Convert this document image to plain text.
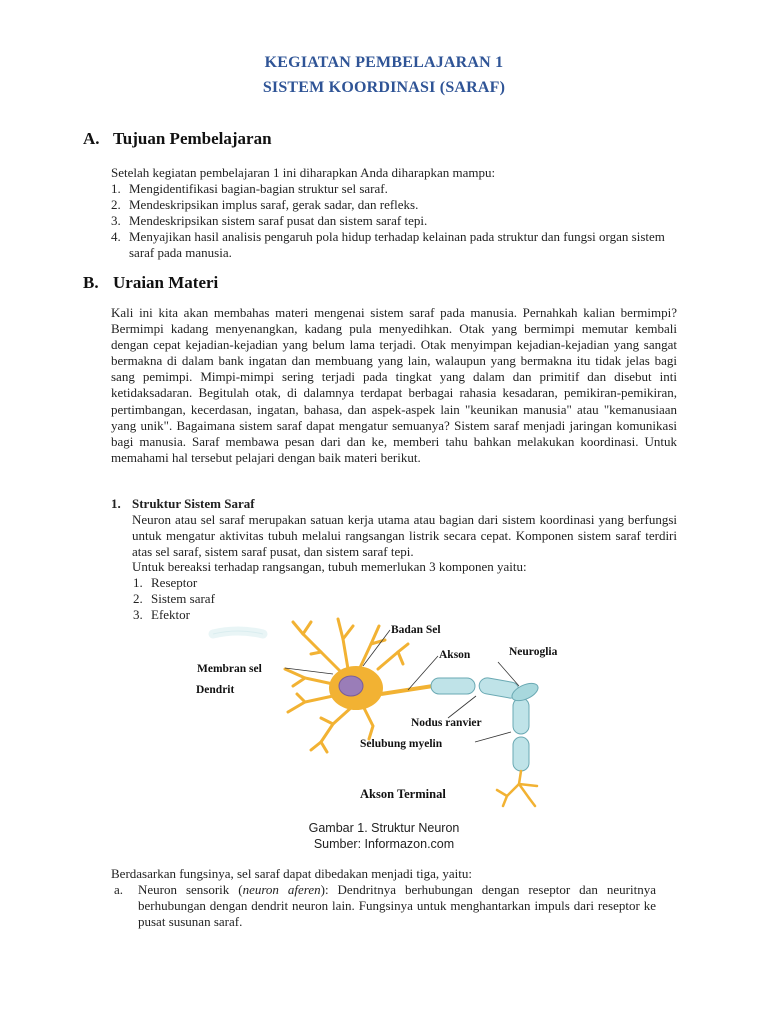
KEGIATAN PEMBELAJARAN 1
SISTEM KOORDINASI (SARAF)
A. Tujuan Pembelajaran
Setelah kegiatan pembelajaran 1 ini diharapkan Anda diharapkan mampu:
1. Mengidentifikasi bagian-bagian struktur sel saraf.
2. Mendeskripsikan implus saraf, gerak sadar, dan refleks.
3. Mendeskripsikan sistem saraf pusat dan sistem saraf tepi.
4. Menyajikan hasil analisis pengaruh pola hidup terhadap kelainan pada struktur dan fungsi organ sistem saraf pada manusia.
B. Uraian Materi
Kali ini kita akan membahas materi mengenai sistem saraf pada manusia. Pernahkah kalian bermimpi? Bermimpi kadang menyenangkan, kadang pula menyedihkan. Otak yang bermimpi memutar kembali dengan cepat kejadian-kejadian yang belum lama terjadi. Otak menyimpan kejadian-kejadian yang sangat bermakna di dalam bank ingatan dan membuang yang lain, walaupun yang bermakna itu tidak jelas bagi sang pemimpi. Mimpi-mimpi sering terjadi pada tingkat yang dalam dan primitif dan disebut inti ketidaksadaran. Begitulah otak, di dalamnya terdapat berbagai rahasia kesadaran, pemikiran-pemikiran, pertimbangan, kecerdasan, ingatan, bahasa, dan aspek-aspek lain "keunikan manusia" atau "kemanusiaan yang unik". Bagaimana sistem saraf dapat mengatur semuanya? Sistem saraf menjadi jaringan komunikasi bagi manusia. Saraf membawa pesan dari dan ke, memberi tahu bahkan melakukan koordinasi. Untuk memahami hal tersebut pelajari dengan baik materi berikut.
1. Struktur Sistem Saraf
Neuron atau sel saraf merupakan satuan kerja utama atau bagian dari sistem koordinasi yang berfungsi untuk mengatur aktivitas tubuh melalui rangsangan listrik secara cepat. Komponen sistem saraf terdiri atas sel saraf, sistem saraf pusat, dan sistem saraf tepi.
Untuk bereaksi terhadap rangsangan, tubuh memerlukan 3 komponen yaitu:
1. Reseptor
2. Sistem saraf
3. Efektor
Badan Sel
Akson	Neuroglia
Membran sel
Dendrit
Nodus ranvier
Selubung myelin
Akson Terminal
Gambar 1. Struktur Neuron
Sumber: Informazon.com
Berdasarkan fungsinya, sel saraf dapat dibedakan menjadi tiga, yaitu:
a. Neuron sensorik (neuron aferen): Dendritnya berhubungan dengan reseptor dan neuritnya berhubungan dengan dendrit neuron lain. Fungsinya untuk menghantarkan impuls dari reseptor ke pusat susunan saraf.
